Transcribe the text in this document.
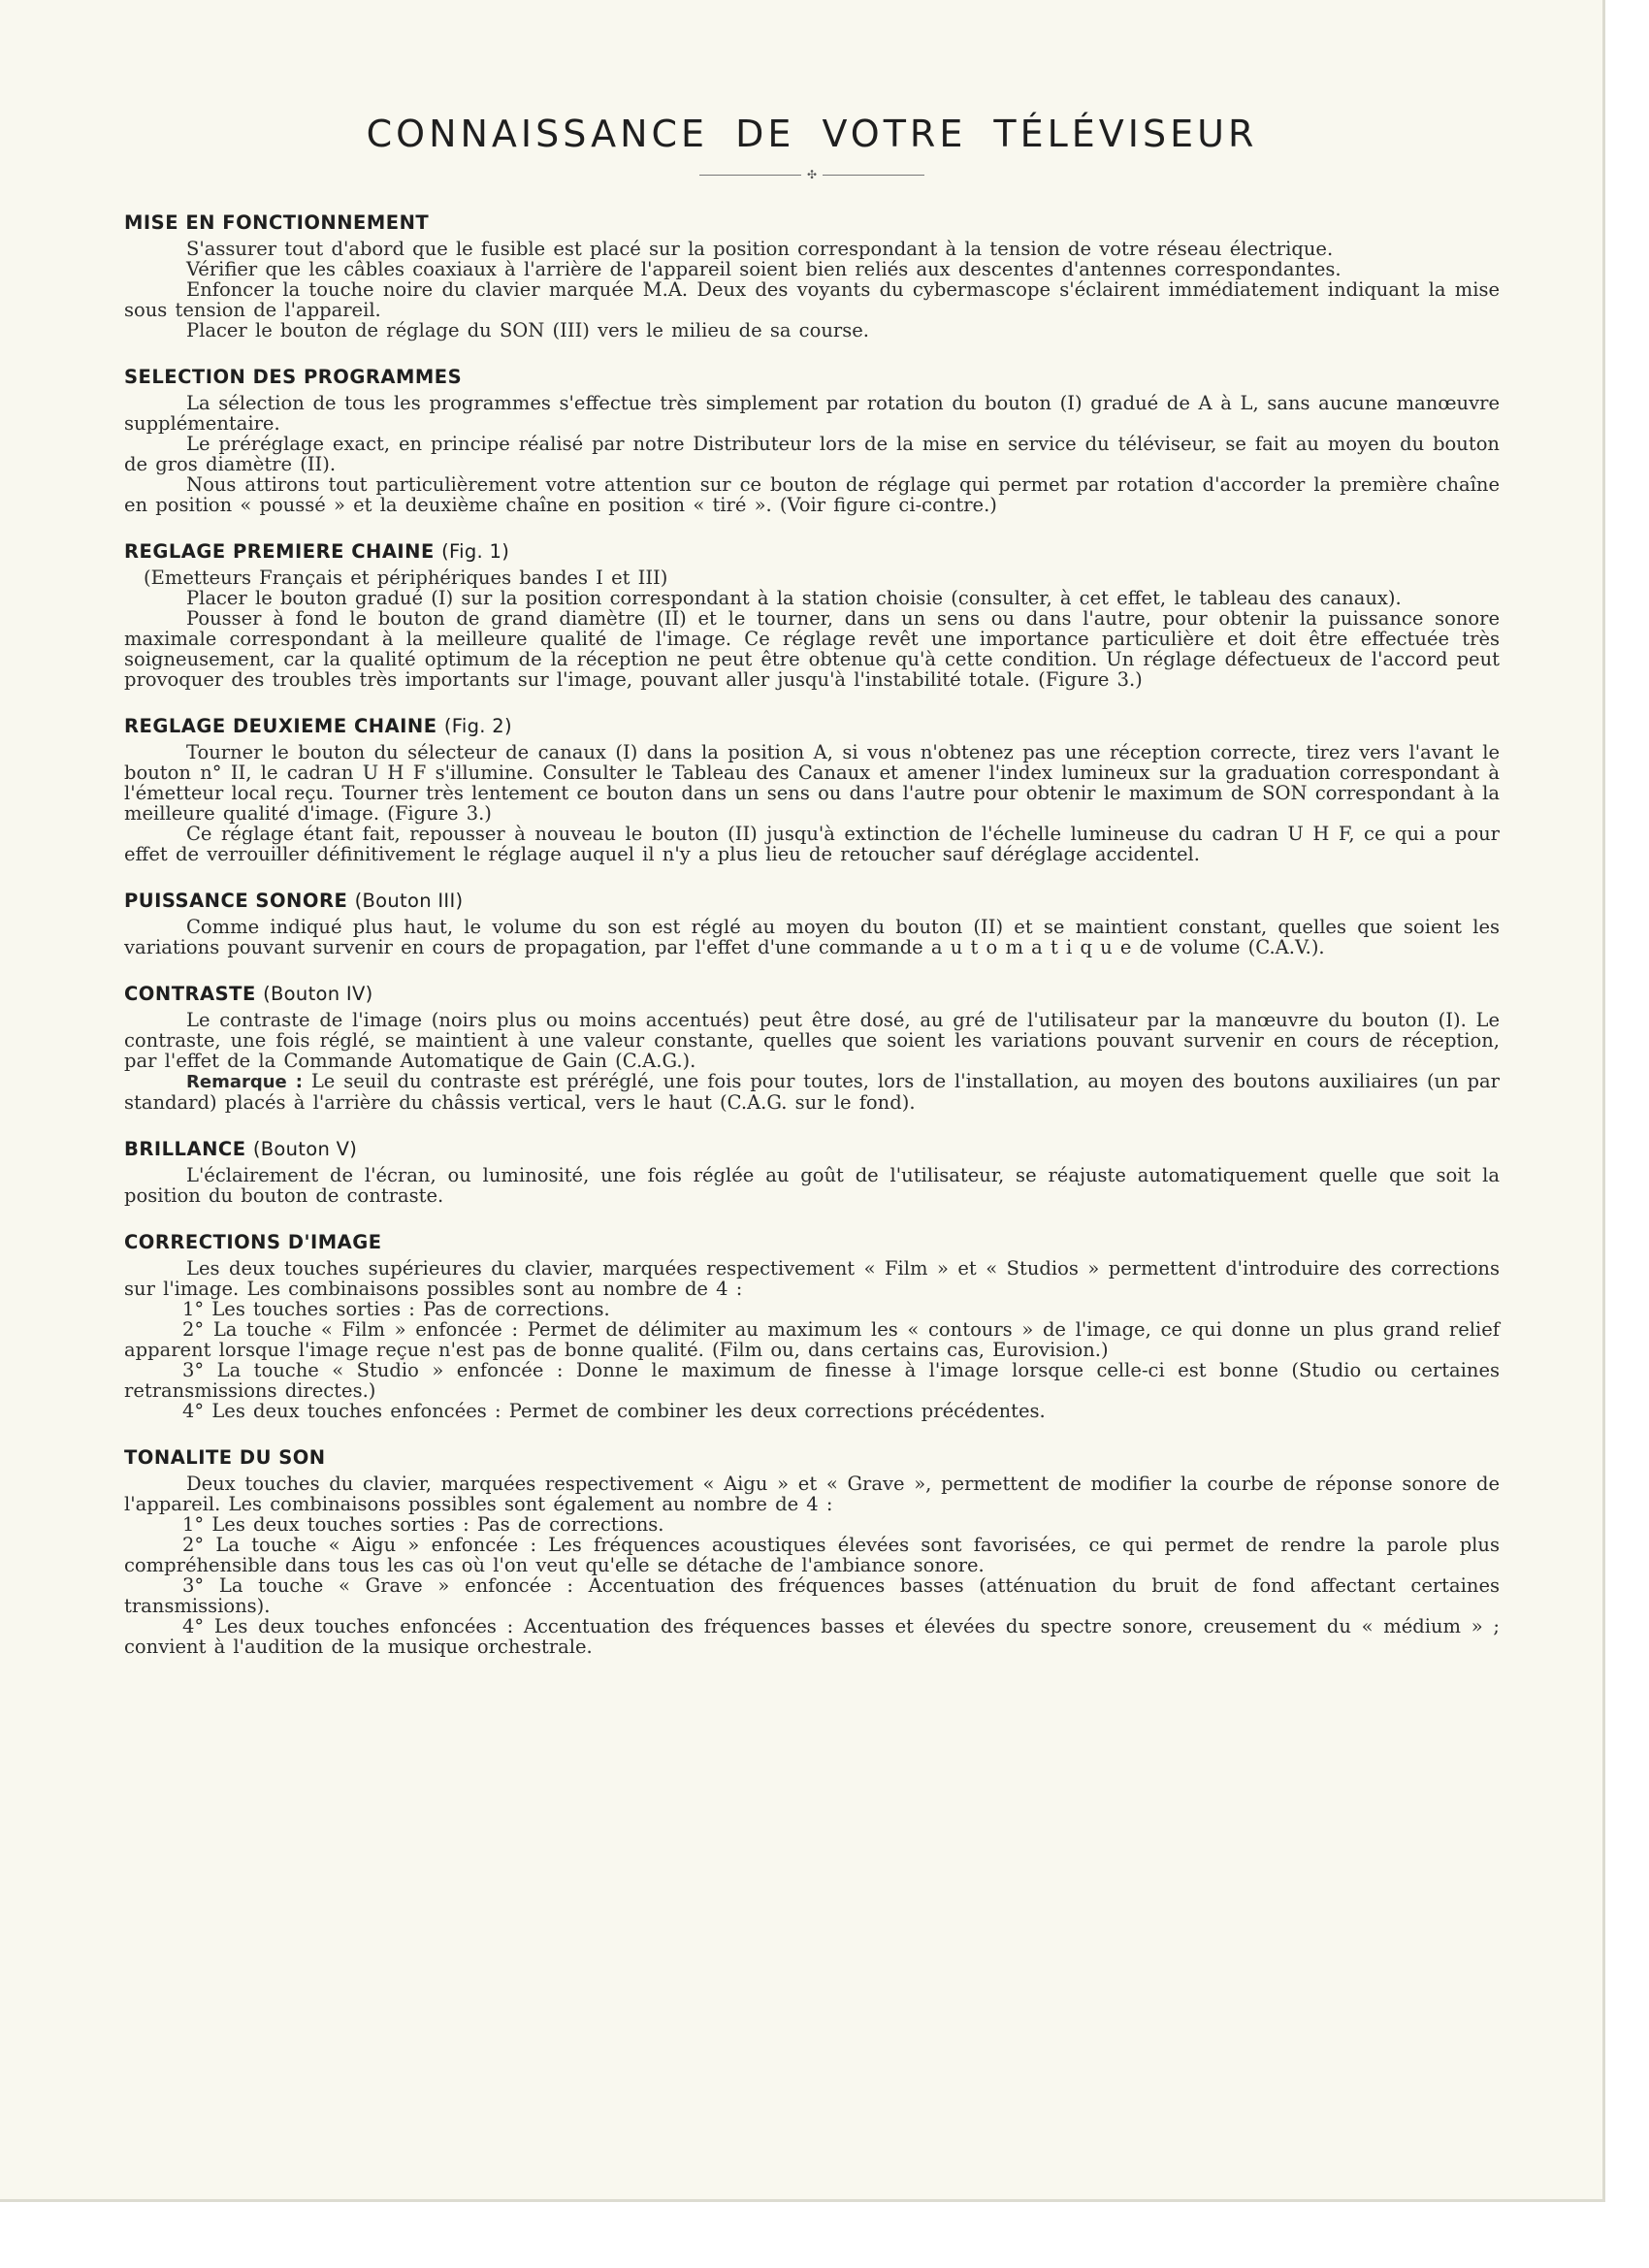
CONNAISSANCE DE VOTRE TÉLÉVISEUR
✣
MISE EN FONCTIONNEMENT

S'assurer tout d'abord que le fusible est placé sur la position correspondant à la tension de votre réseau électrique.

Vérifier que les câbles coaxiaux à l'arrière de l'appareil soient bien reliés aux descentes d'antennes correspondantes.

Enfoncer la touche noire du clavier marquée M.A. Deux des voyants du cybermascope s'éclairent immédiatement indiquant la mise sous tension de l'appareil.

Placer le bouton de réglage du SON (III) vers le milieu de sa course.

SELECTION DES PROGRAMMES

La sélection de tous les programmes s'effectue très simplement par rotation du bouton (I) gradué de A à L, sans aucune manœuvre supplémentaire.

Le préréglage exact, en principe réalisé par notre Distributeur lors de la mise en service du téléviseur, se fait au moyen du bouton de gros diamètre (II).

Nous attirons tout particulièrement votre attention sur ce bouton de réglage qui permet par rotation d'accorder la première chaîne en position « poussé » et la deuxième chaîne en position « tiré ». (Voir figure ci-contre.)

REGLAGE PREMIERE CHAINE (Fig. 1)

(Emetteurs Français et périphériques bandes I et III)

Placer le bouton gradué (I) sur la position correspondant à la station choisie (consulter, à cet effet, le tableau des canaux).

Pousser à fond le bouton de grand diamètre (II) et le tourner, dans un sens ou dans l'autre, pour obtenir la puissance sonore maximale correspondant à la meilleure qualité de l'image. Ce réglage revêt une importance particulière et doit être effectuée très soigneusement, car la qualité optimum de la réception ne peut être obtenue qu'à cette condition. Un réglage défectueux de l'accord peut provoquer des troubles très importants sur l'image, pouvant aller jusqu'à l'instabilité totale. (Figure 3.)

REGLAGE DEUXIEME CHAINE (Fig. 2)

Tourner le bouton du sélecteur de canaux (I) dans la position A, si vous n'obtenez pas une réception correcte, tirez vers l'avant le bouton n° II, le cadran U H F s'illumine. Consulter le Tableau des Canaux et amener l'index lumineux sur la graduation correspondant à l'émetteur local reçu. Tourner très lentement ce bouton dans un sens ou dans l'autre pour obtenir le maximum de SON correspondant à la meilleure qualité d'image. (Figure 3.)

Ce réglage étant fait, repousser à nouveau le bouton (II) jusqu'à extinction de l'échelle lumineuse du cadran U H F, ce qui a pour effet de verrouiller définitivement le réglage auquel il n'y a plus lieu de retoucher sauf déréglage accidentel.

PUISSANCE SONORE (Bouton III)

Comme indiqué plus haut, le volume du son est réglé au moyen du bouton (II) et se maintient constant, quelles que soient les variations pouvant survenir en cours de propagation, par l'effet d'une commande a u t o m a t i q u e de volume (C.A.V.).

CONTRASTE (Bouton IV)

Le contraste de l'image (noirs plus ou moins accentués) peut être dosé, au gré de l'utilisateur par la manœuvre du bouton (I). Le contraste, une fois réglé, se maintient à une valeur constante, quelles que soient les variations pouvant survenir en cours de réception, par l'effet de la Commande Automatique de Gain (C.A.G.).

Remarque : Le seuil du contraste est préréglé, une fois pour toutes, lors de l'installation, au moyen des boutons auxiliaires (un par standard) placés à l'arrière du châssis vertical, vers le haut (C.A.G. sur le fond).

BRILLANCE (Bouton V)

L'éclairement de l'écran, ou luminosité, une fois réglée au goût de l'utilisateur, se réajuste automatiquement quelle que soit la position du bouton de contraste.

CORRECTIONS D'IMAGE

Les deux touches supérieures du clavier, marquées respectivement « Film » et « Studios » permettent d'introduire des corrections sur l'image. Les combinaisons possibles sont au nombre de 4 :

1° Les touches sorties : Pas de corrections.

2° La touche « Film » enfoncée : Permet de délimiter au maximum les « contours » de l'image, ce qui donne un plus grand relief apparent lorsque l'image reçue n'est pas de bonne qualité. (Film ou, dans certains cas, Eurovision.)

3° La touche « Studio » enfoncée : Donne le maximum de finesse à l'image lorsque celle-ci est bonne (Studio ou certaines retransmissions directes.)

4° Les deux touches enfoncées : Permet de combiner les deux corrections précédentes.

TONALITE DU SON

Deux touches du clavier, marquées respectivement « Aigu » et « Grave », permettent de modifier la courbe de réponse sonore de l'appareil. Les combinaisons possibles sont également au nombre de 4 :

1° Les deux touches sorties : Pas de corrections.

2° La touche « Aigu » enfoncée : Les fréquences acoustiques élevées sont favorisées, ce qui permet de rendre la parole plus compréhensible dans tous les cas où l'on veut qu'elle se détache de l'ambiance sonore.

3° La touche « Grave » enfoncée : Accentuation des fréquences basses (atténuation du bruit de fond affectant certaines transmissions).

4° Les deux touches enfoncées : Accentuation des fréquences basses et élevées du spectre sonore, creusement du « médium » ; convient à l'audition de la musique orchestrale.
